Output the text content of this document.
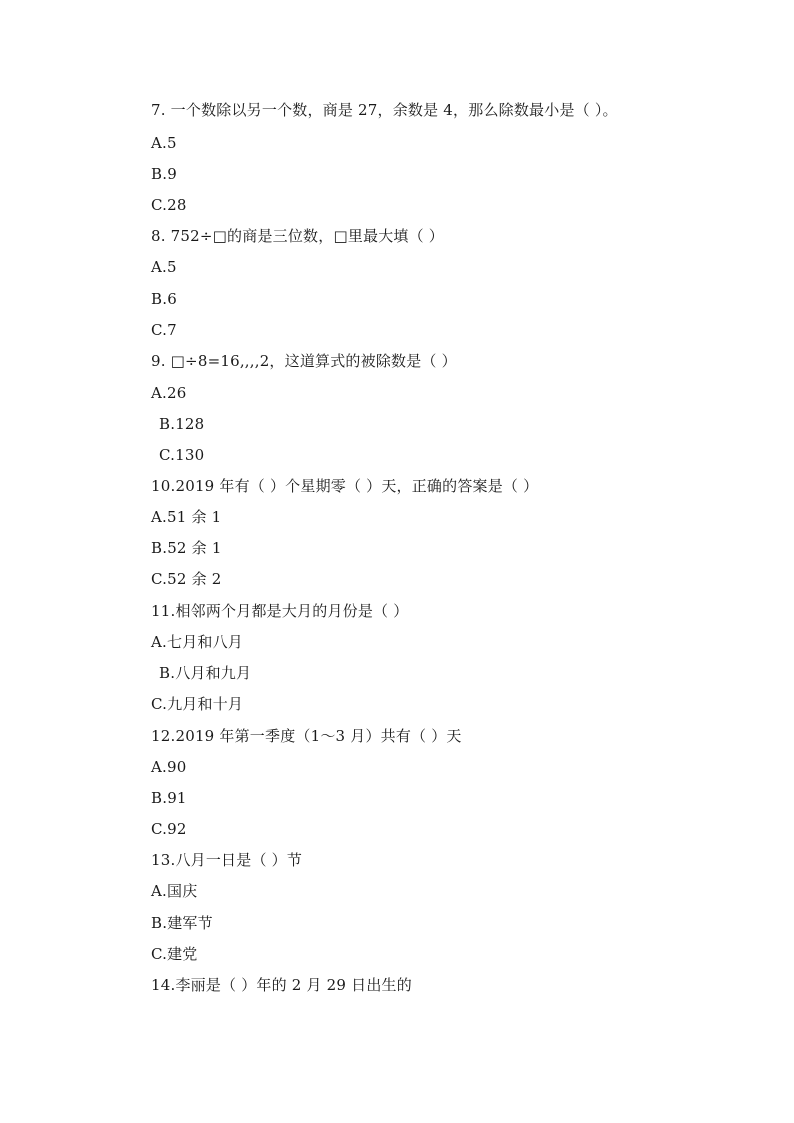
7. 一个数除以另一个数，商是 27，余数是 4，那么除数最小是（ ）。
A.5
B.9
C.28
8. 752÷□的商是三位数，□里最大填（ ）
A.5
B.6
C.7
9. □÷8=16,,,,2，这道算式的被除数是（ ）
A.26
B.128
C.130
10.2019 年有（ ）个星期零（ ）天，正确的答案是（ ）
A.51 余 1
B.52 余 1
C.52 余 2
11.相邻两个月都是大月的月份是（ ）
A.七月和八月
B.八月和九月
C.九月和十月
12.2019 年第一季度（1～3 月）共有（ ）天
A.90
B.91
C.92
13.八月一日是（ ）节
A.国庆
B.建军节
C.建党
14.李丽是（ ）年的 2 月 29 日出生的
